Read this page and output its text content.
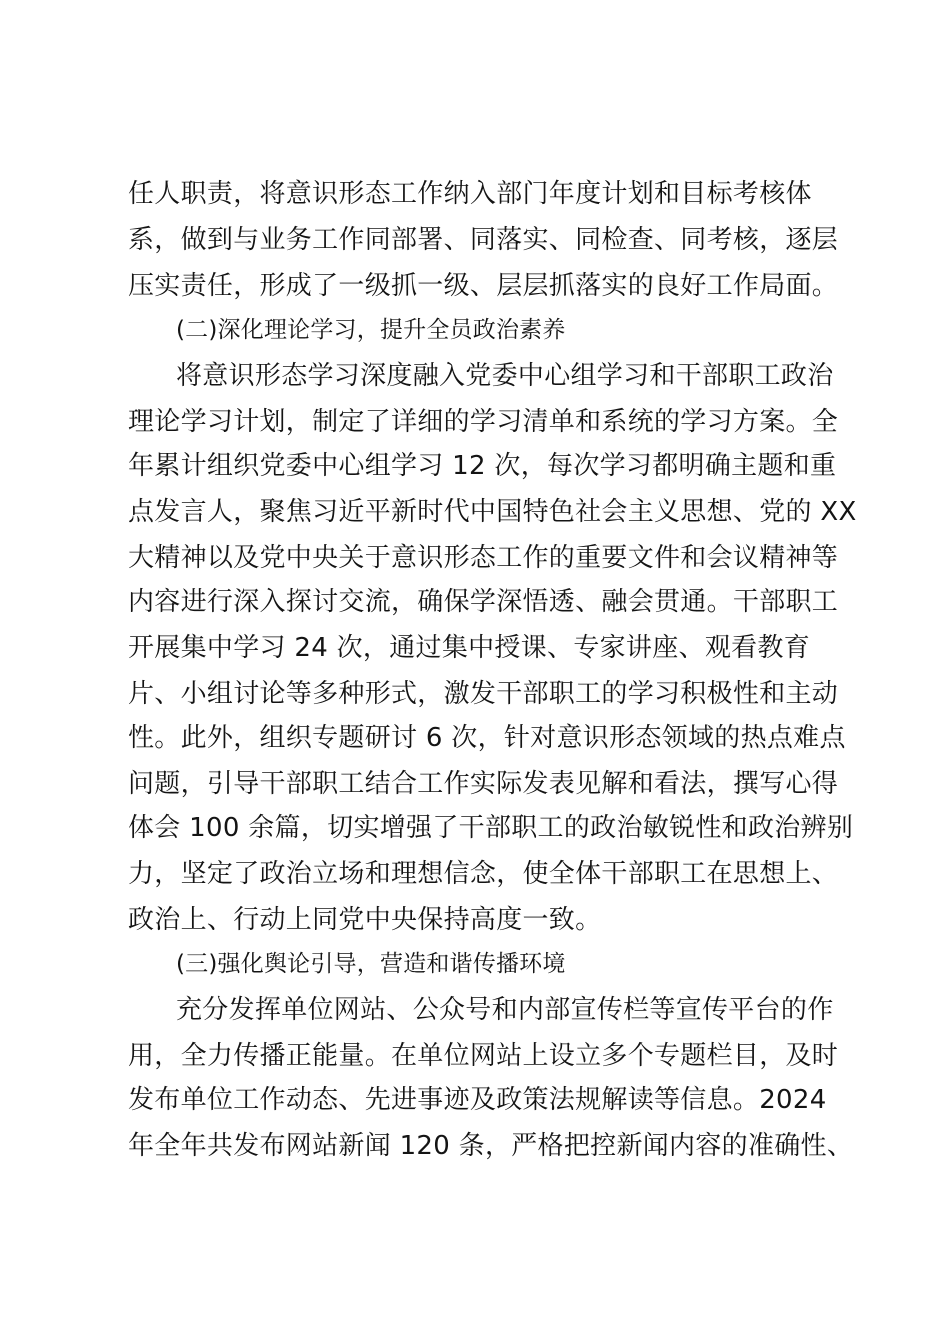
任人职责，将意识形态工作纳入部门年度计划和目标考核体
系，做到与业务工作同部署、同落实、同检查、同考核，逐层
压实责任，形成了一级抓一级、层层抓落实的良好工作局面。
(二)深化理论学习，提升全员政治素养
将意识形态学习深度融入党委中心组学习和干部职工政治
理论学习计划，制定了详细的学习清单和系统的学习方案。全
年累计组织党委中心组学习 12 次，每次学习都明确主题和重
点发言人，聚焦习近平新时代中国特色社会主义思想、党的 XX
大精神以及党中央关于意识形态工作的重要文件和会议精神等
内容进行深入探讨交流，确保学深悟透、融会贯通。干部职工
开展集中学习 24 次，通过集中授课、专家讲座、观看教育
片、小组讨论等多种形式，激发干部职工的学习积极性和主动
性。此外，组织专题研讨 6 次，针对意识形态领域的热点难点
问题，引导干部职工结合工作实际发表见解和看法，撰写心得
体会 100 余篇，切实增强了干部职工的政治敏锐性和政治辨别
力，坚定了政治立场和理想信念，使全体干部职工在思想上、
政治上、行动上同党中央保持高度一致。
(三)强化舆论引导，营造和谐传播环境
充分发挥单位网站、公众号和内部宣传栏等宣传平台的作
用，全力传播正能量。在单位网站上设立多个专题栏目，及时
发布单位工作动态、先进事迹及政策法规解读等信息。2024
年全年共发布网站新闻 120 条，严格把控新闻内容的准确性、
